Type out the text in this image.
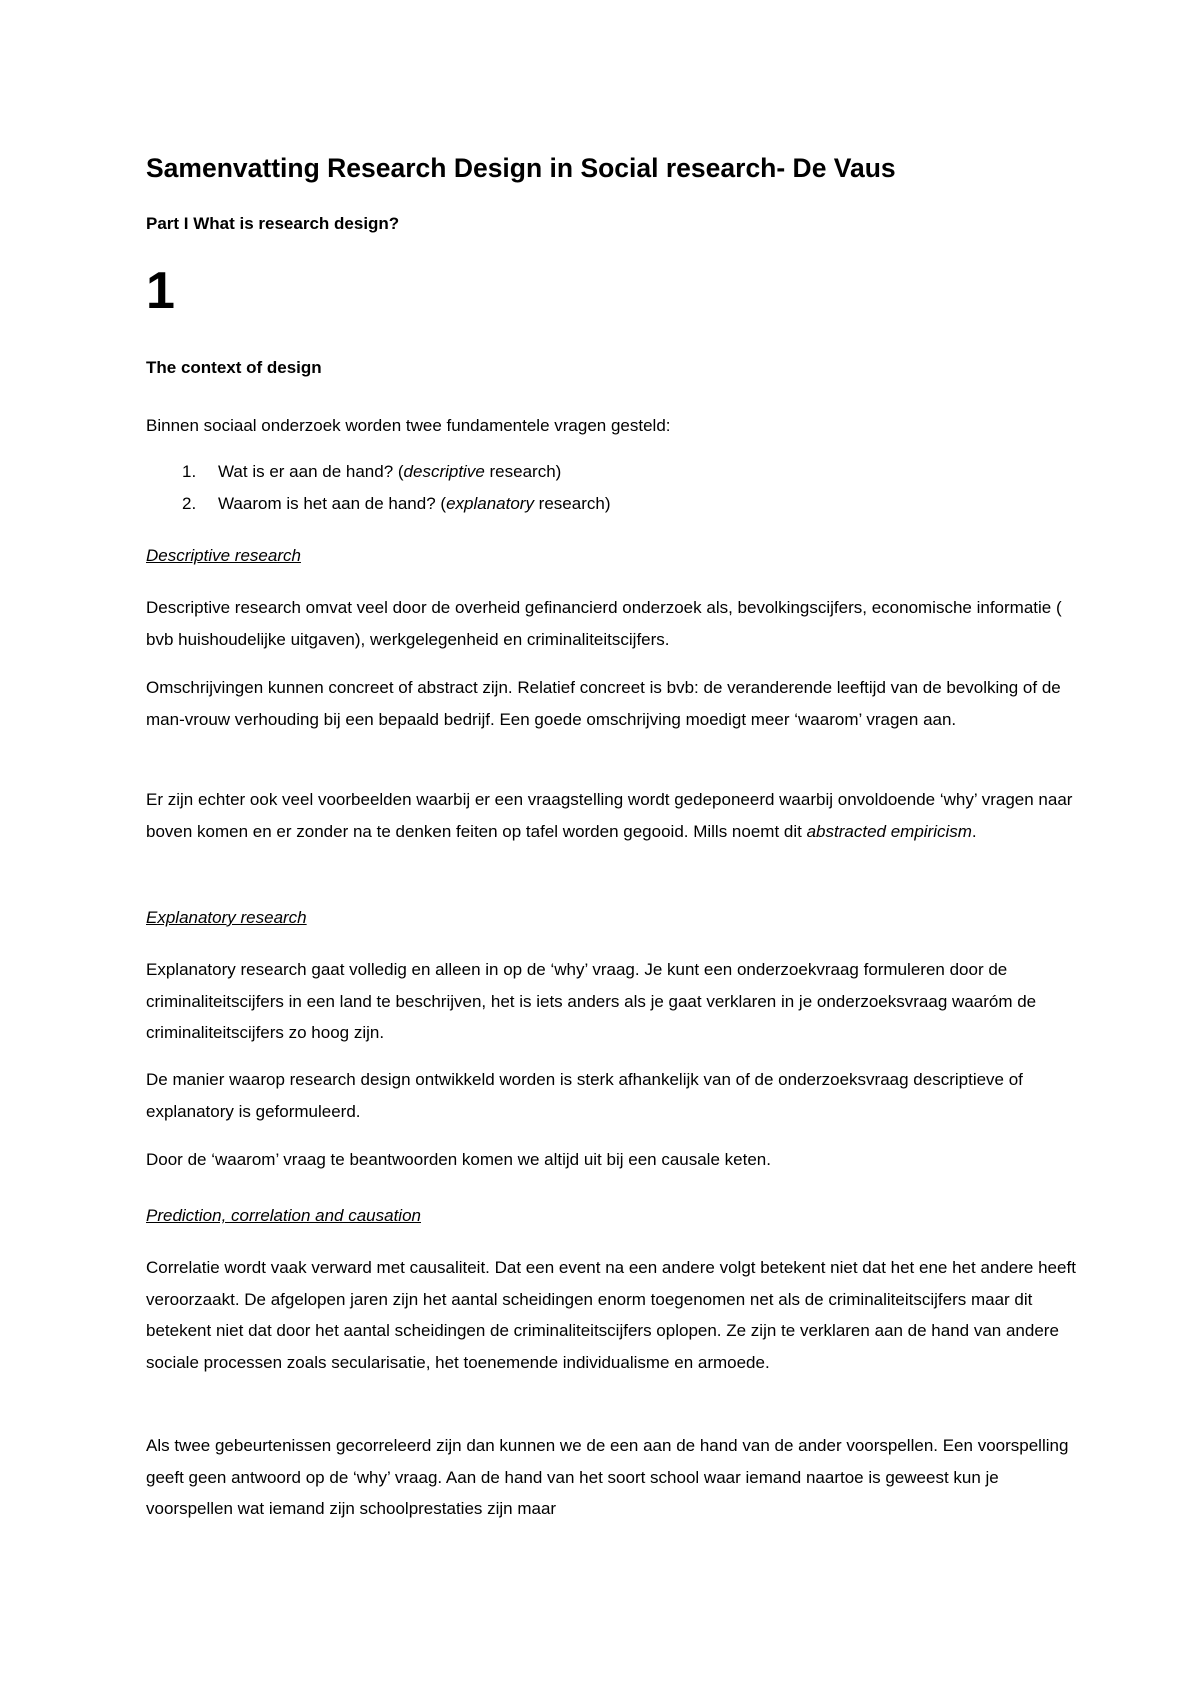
Samenvatting Research Design in Social research- De Vaus

Part I What is research design?

1

The context of design

Binnen sociaal onderzoek worden twee fundamentele vragen gesteld:

1. Wat is er aan de hand? (descriptive research)
2. Waarom is het aan de hand? (explanatory research)

Descriptive research

Descriptive research omvat veel door de overheid gefinancierd onderzoek als, bevolkingscijfers, economische informatie ( bvb huishoudelijke uitgaven), werkgelegenheid en criminaliteitscijfers.

Omschrijvingen kunnen concreet of abstract zijn. Relatief concreet is bvb: de veranderende leeftijd van de bevolking of de man-vrouw verhouding bij een bepaald bedrijf. Een goede omschrijving moedigt meer ‘waarom’ vragen aan.

Er zijn echter ook veel voorbeelden waarbij er een vraagstelling wordt gedeponeerd waarbij onvoldoende ‘why’ vragen naar boven komen en er zonder na te denken feiten op tafel worden gegooid. Mills noemt dit abstracted empiricism.

Explanatory research

Explanatory research gaat volledig en alleen in op de ‘why’ vraag. Je kunt een onderzoekvraag formuleren door de criminaliteitscijfers in een land te beschrijven, het is iets anders als je gaat verklaren in je onderzoeksvraag waaróm de criminaliteitscijfers zo hoog zijn.

De manier waarop research design ontwikkeld worden is sterk afhankelijk van of de onderzoeksvraag descriptieve of explanatory is geformuleerd.

Door de ‘waarom’ vraag te beantwoorden komen we altijd uit bij een causale keten.

Prediction, correlation and causation

Correlatie wordt vaak verward met causaliteit. Dat een event na een andere volgt betekent niet dat het ene het andere heeft veroorzaakt. De afgelopen jaren zijn het aantal scheidingen enorm toegenomen net als de criminaliteitscijfers maar dit betekent niet dat door het aantal scheidingen de criminaliteitscijfers oplopen. Ze zijn te verklaren aan de hand van andere sociale processen zoals secularisatie, het toenemende individualisme en armoede.

Als twee gebeurtenissen gecorreleerd zijn dan kunnen we de een aan de hand van de ander voorspellen. Een voorspelling geeft geen antwoord op de ‘why’ vraag. Aan de hand van het soort school waar iemand naartoe is geweest kun je voorspellen wat iemand zijn schoolprestaties zijn maar
